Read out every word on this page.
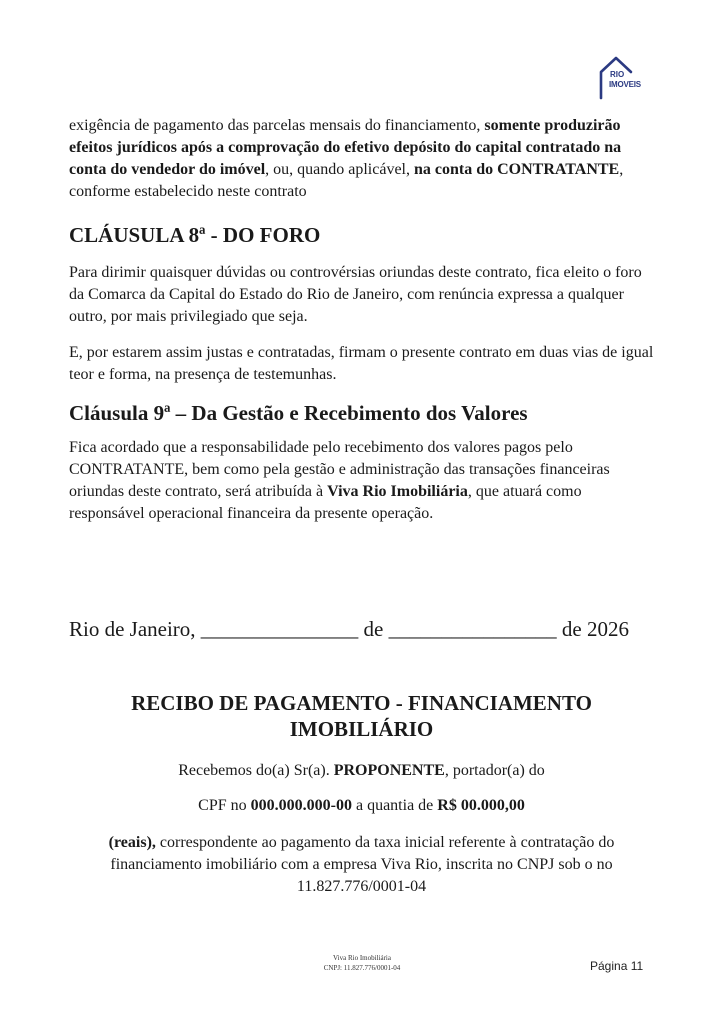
RIO
IMOVEIS

exigência de pagamento das parcelas mensais do financiamento, somente produzirão efeitos jurídicos após a comprovação do efetivo depósito do capital contratado na conta do vendedor do imóvel, ou, quando aplicável, na conta do CONTRATANTE, conforme estabelecido neste contrato

CLÁUSULA 8ª - DO FORO

Para dirimir quaisquer dúvidas ou controvérsias oriundas deste contrato, fica eleito o foro da Comarca da Capital do Estado do Rio de Janeiro, com renúncia expressa a qualquer outro, por mais privilegiado que seja.

E, por estarem assim justas e contratadas, firmam o presente contrato em duas vias de igual teor e forma, na presença de testemunhas.

Cláusula 9ª – Da Gestão e Recebimento dos Valores

Fica acordado que a responsabilidade pelo recebimento dos valores pagos pelo CONTRATANTE, bem como pela gestão e administração das transações financeiras oriundas deste contrato, será atribuída à Viva Rio Imobiliária, que atuará como responsável operacional financeira da presente operação.

Rio de Janeiro, _______________ de ________________ de 2026
RECIBO DE PAGAMENTO - FINANCIAMENTO IMOBILIÁRIO

Recebemos do(a) Sr(a). PROPONENTE, portador(a) do

CPF no 000.000.000-00 a quantia de R$ 00.000,00

(reais), correspondente ao pagamento da taxa inicial referente à contratação do financiamento imobiliário com a empresa Viva Rio, inscrita no CNPJ sob o no 11.827.776/0001-04

Viva Rio Imobiliária
CNPJ: 11.827.776/0001-04	Página 11
